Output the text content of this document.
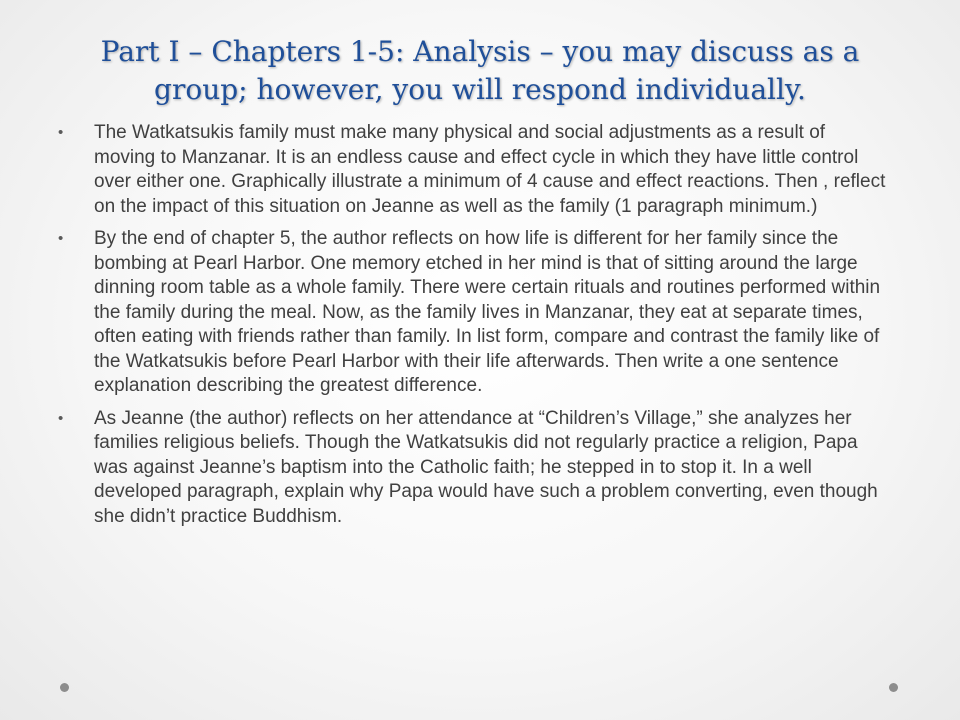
Part I – Chapters 1-5: Analysis – you may discuss as a group; however, you will respond individually.
• The Watkatsukis family must make many physical and social adjustments as a result of moving to Manzanar. It is an endless cause and effect cycle in which they have little control over either one. Graphically illustrate a minimum of 4 cause and effect reactions. Then , reflect on the impact of this situation on Jeanne as well as the family (1 paragraph minimum.)
• By the end of chapter 5, the author reflects on how life is different for her family since the bombing at Pearl Harbor. One memory etched in her mind is that of sitting around the large dinning room table as a whole family. There were certain rituals and routines performed within the family during the meal. Now, as the family lives in Manzanar, they eat at separate times, often eating with friends rather than family. In list form, compare and contrast the family like of the Watkatsukis before Pearl Harbor with their life afterwards. Then write a one sentence explanation describing the greatest difference.
• As Jeanne (the author) reflects on her attendance at “Children’s Village,” she analyzes her families religious beliefs. Though the Watkatsukis did not regularly practice a religion, Papa was against Jeanne’s baptism into the Catholic faith; he stepped in to stop it. In a well developed paragraph, explain why Papa would have such a problem converting, even though she didn’t practice Buddhism.
